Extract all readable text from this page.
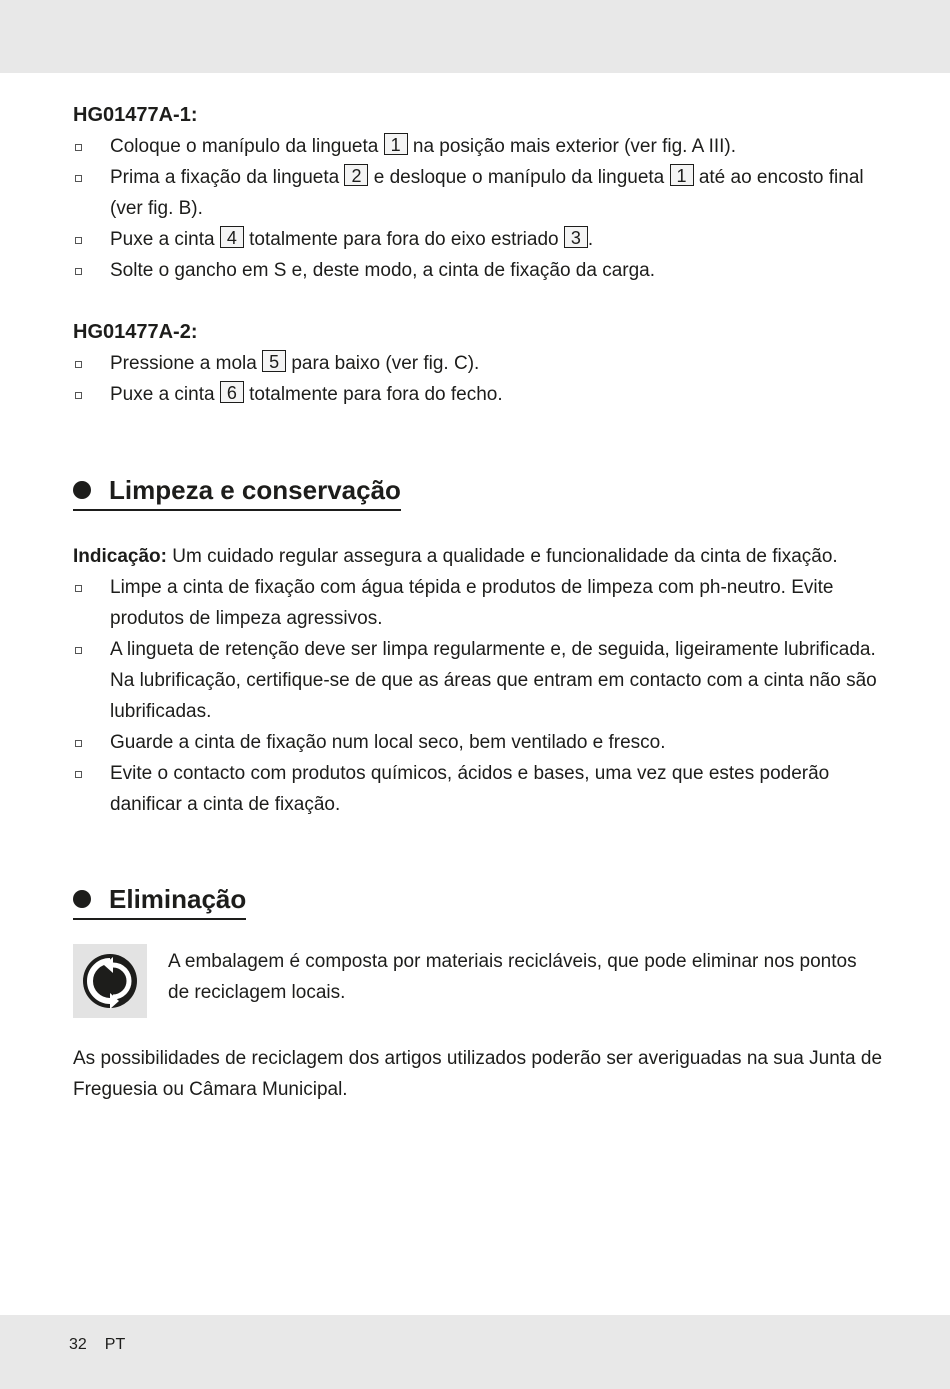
HG01477A-1:

Coloque o manípulo da lingueta 1 na posição mais exterior (ver fig. A III).
Prima a fixação da lingueta 2 e desloque o manípulo da lingueta 1 até ao encosto final (ver fig. B).
Puxe a cinta 4 totalmente para fora do eixo estriado 3 .
Solte o gancho em S e, deste modo, a cinta de fixação da carga.

HG01477A-2:

Pressione a mola 5 para baixo (ver fig. C).
Puxe a cinta 6 totalmente para fora do fecho.
Limpeza e conservação

Indicação: Um cuidado regular assegura a qualidade e funcionalidade da cinta de fixação.

Limpe a cinta de fixação com água tépida e produtos de limpeza com ph-neutro. Evite produtos de limpeza agressivos.
A lingueta de retenção deve ser limpa regularmente e, de seguida, ligeiramente lubrificada. Na lubrificação, certifique-se de que as áreas que entram em contacto com a cinta não são lubrificadas.
Guarde a cinta de fixação num local seco, bem ventilado e fresco.
Evite o contacto com produtos químicos, ácidos e bases, uma vez que estes poderão danificar a cinta de fixação.
Eliminação
A embalagem é composta por materiais recicláveis, que pode eliminar nos pontos de reciclagem locais.

As possibilidades de reciclagem dos artigos utilizados poderão ser averiguadas na sua Junta de Freguesia ou Câmara Municipal.

32 PT
